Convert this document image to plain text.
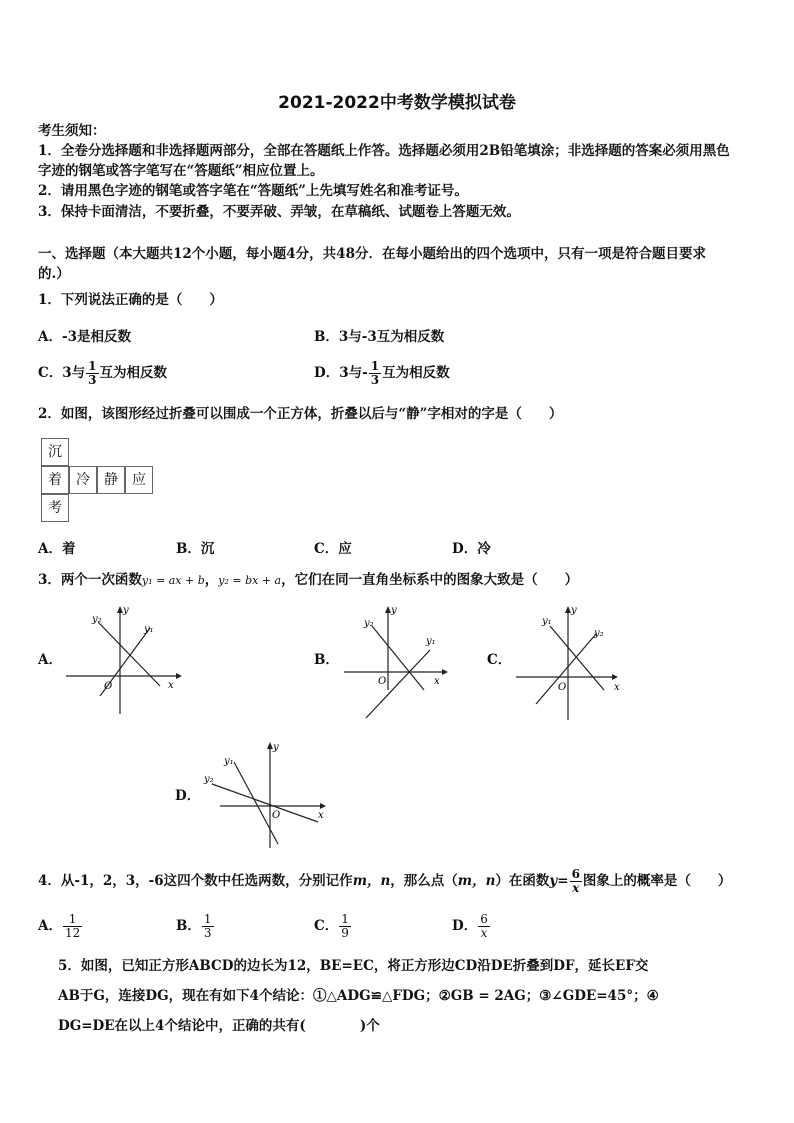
2021-2022中考数学模拟试卷
考生须知：
1．全卷分选择题和非选择题两部分，全部在答题纸上作答。选择题必须用2B铅笔填涂；非选择题的答案必须用黑色
字迹的钢笔或答字笔写在“答题纸”相应位置上。
2．请用黑色字迹的钢笔或答字笔在“答题纸”上先填写姓名和准考证号。
3．保持卡面清洁，不要折叠，不要弄破、弄皱，在草稿纸、试题卷上答题无效。
一、选择题（本大题共12个小题，每小题4分，共48分．在每小题给出的四个选项中，只有一项是符合题目要求
的.）
1．下列说法正确的是（　　）
A．-3是相反数	B．3与-3互为相反数
C．3与 $\frac{1}{3}$ 互为相反数	D．3与- $\frac{1}{3}$ 互为相反数
2．如图，该图形经过折叠可以围成一个正方体，折叠以后与“静”字相对的字是（　　）
沉
着	冷	静	应
考
A．着	B．沉	C．应	D．冷
3．两个一次函数y₁ = ax + b，y₂ = bx + a，它们在同一直角坐标系中的图象大致是（　　）
A．	B．	C．
D．
y₂
y
y₁
O	x
y₂
y
y₁
O	x
y₁
y
y₂
O	x
y₁
y
y₂
O	x
4．从-1，2，3，-6这四个数中任选两数，分别记作m，n，那么点（m，n）在函数$y= \frac{6}{x}$ 图象上的概率是（　　）
A． $\frac{1}{12}$	B． $\frac{1}{3}$	C． $\frac{1}{9}$	D． $\frac{6}{x}$
5．如图，已知正方形ABCD的边长为12，BE=EC，将正方形边CD沿DE折叠到DF，延长EF交
AB于G，连接DG，现在有如下4个结论：①△ADG≌△FDG；②GB = 2AG；③∠GDE=45°；④
DG=DE在以上4个结论中，正确的共有(　　　　)个
